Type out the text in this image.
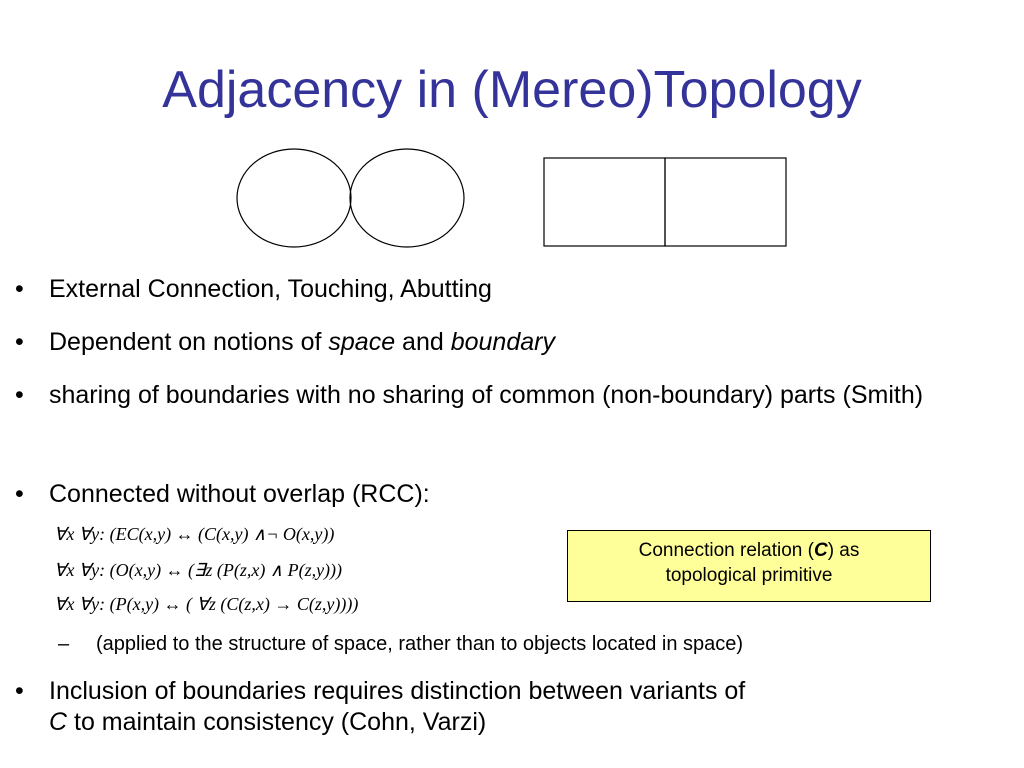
Adjacency in (Mereo)Topology
• External Connection, Touching, Abutting
• Dependent on notions of space and boundary
• sharing of boundaries with no sharing of common (non-boundary) parts (Smith)
• Connected without overlap (RCC):
∀x ∀y: (EC(x,y) ↔ (C(x,y) ∧¬ O(x,y))
∀x ∀y: (O(x,y) ↔ (∃z (P(z,x) ∧ P(z,y)))
∀x ∀y: (P(x,y) ↔ ( ∀z (C(z,x) → C(z,y))))
Connection relation (C) as
topological primitive
– (applied to the structure of space, rather than to objects located in space)
• Inclusion of boundaries requires distinction between variants of
C to maintain consistency (Cohn, Varzi)
